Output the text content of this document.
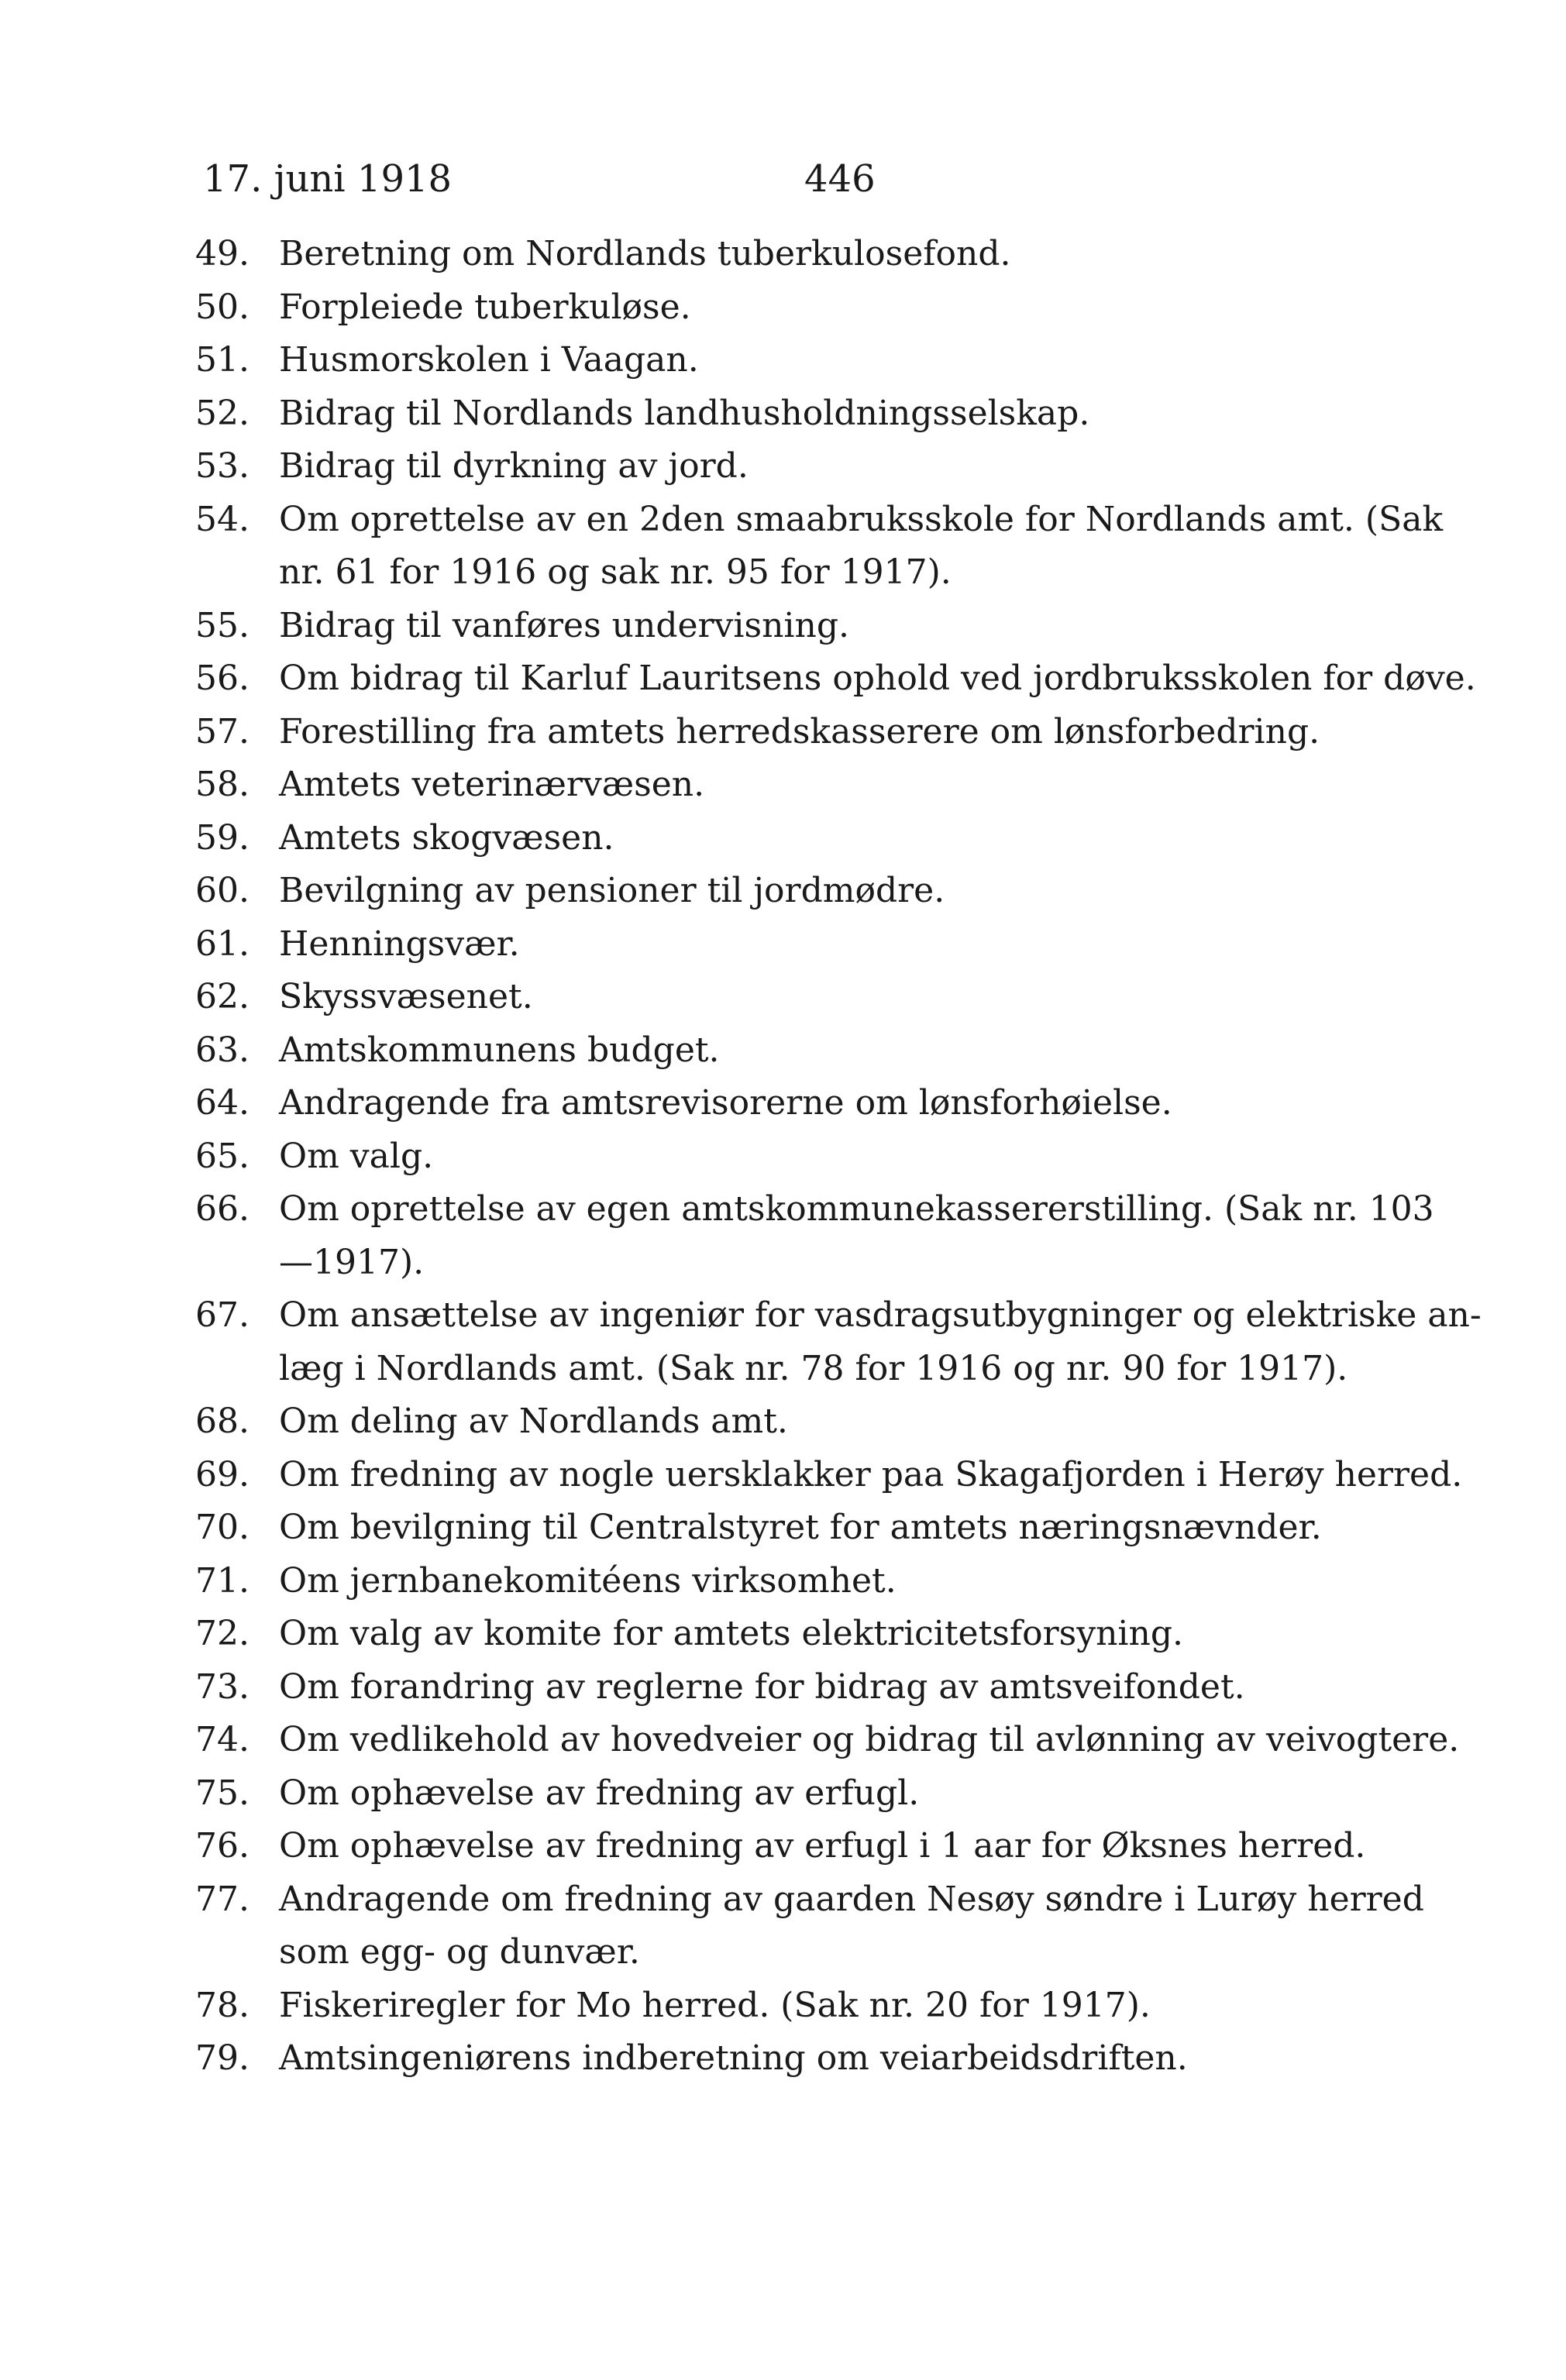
17. juni 1918	446
49. Beretning om Nordlands tuberkulosefond.
50. Forpleiede tuberkuløse.
51. Husmorskolen i Vaagan.
52. Bidrag til Nordlands landhusholdningsselskap.
53. Bidrag til dyrkning av jord.
54. Om oprettelse av en 2den smaabruksskole for Nordlands amt. (Sak
nr. 61 for 1916 og sak nr. 95 for 1917).
55. Bidrag til vanføres undervisning.
56. Om bidrag til Karluf Lauritsens ophold ved jordbruksskolen for døve.
57. Forestilling fra amtets herredskasserere om lønsforbedring.
58. Amtets veterinærvæsen.
59. Amtets skogvæsen.
60. Bevilgning av pensioner til jordmødre.
61. Henningsvær.
62. Skyssvæsenet.
63. Amtskommunens budget.
64. Andragende fra amtsrevisorerne om lønsforhøielse.
65. Om valg.
66. Om oprettelse av egen amtskommunekassererstilling. (Sak nr. 103
—1917).
67. Om ansættelse av ingeniør for vasdragsutbygninger og elektriske an-
læg i Nordlands amt. (Sak nr. 78 for 1916 og nr. 90 for 1917).
68. Om deling av Nordlands amt.
69. Om fredning av nogle uersklakker paa Skagafjorden i Herøy herred.
70. Om bevilgning til Centralstyret for amtets næringsnævnder.
71. Om jernbanekomitéens virksomhet.
72. Om valg av komite for amtets elektricitetsforsyning.
73. Om forandring av reglerne for bidrag av amtsveifondet.
74. Om vedlikehold av hovedveier og bidrag til avlønning av veivogtere.
75. Om ophævelse av fredning av erfugl.
76. Om ophævelse av fredning av erfugl i 1 aar for Øksnes herred.
77. Andragende om fredning av gaarden Nesøy søndre i Lurøy herred
som egg- og dunvær.
78. Fiskeriregler for Mo herred. (Sak nr. 20 for 1917).
79. Amtsingeniørens indberetning om veiarbeidsdriften.
